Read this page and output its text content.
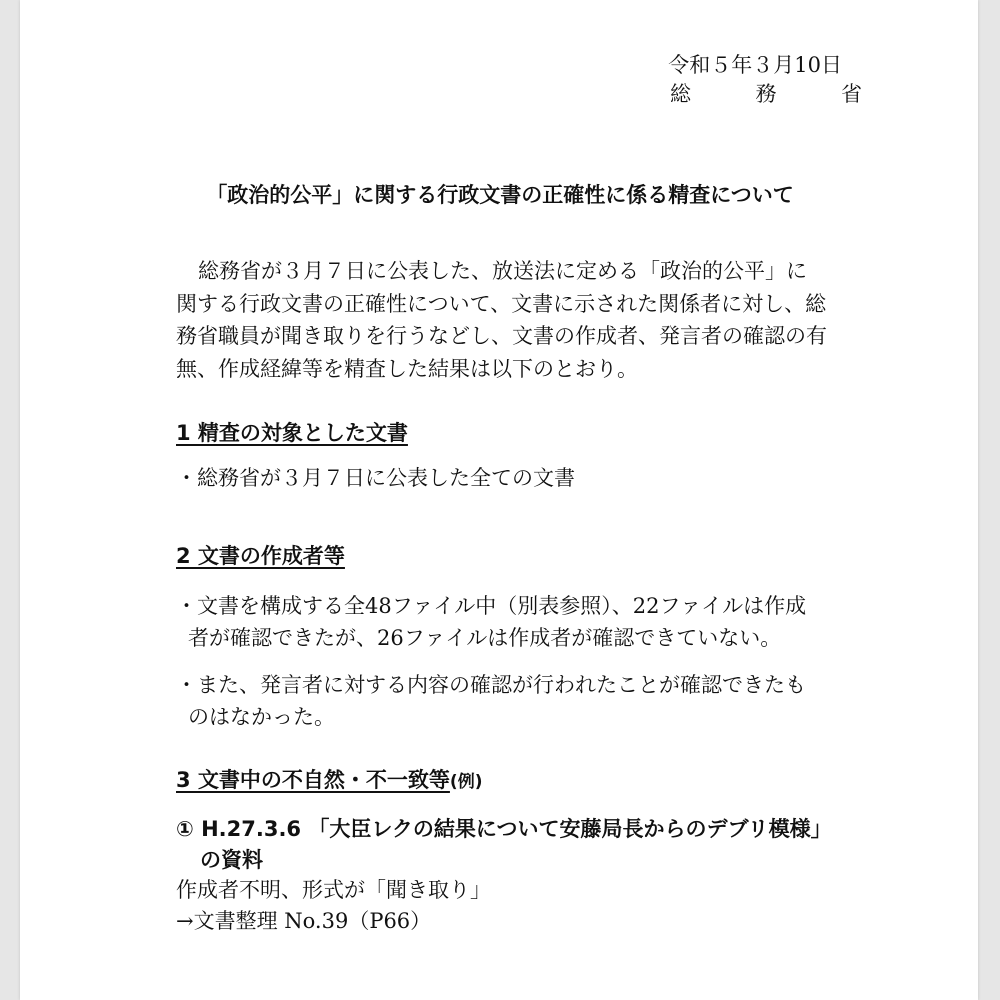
令和５年３月10日
総	務	省
「政治的公平」に関する行政文書の正確性に係る精査について
総務省が３月７日に公表した、放送法に定める「政治的公平」に
関する行政文書の正確性について、文書に示された関係者に対し、総
務省職員が聞き取りを行うなどし、文書の作成者、発言者の確認の有
無、作成経緯等を精査した結果は以下のとおり。
1 精査の対象とした文書
・総務省が３月７日に公表した全ての文書
2 文書の作成者等
・文書を構成する全48ファイル中（別表参照）、22ファイルは作成
者が確認できたが、26ファイルは作成者が確認できていない。
・また、発言者に対する内容の確認が行われたことが確認できたも
のはなかった。
3 文書中の不自然・不一致等(例)
① H.27.3.6 「大臣レクの結果について安藤局長からのデブリ模様」
の資料
作成者不明、形式が「聞き取り」
→文書整理 No.39（P66）
